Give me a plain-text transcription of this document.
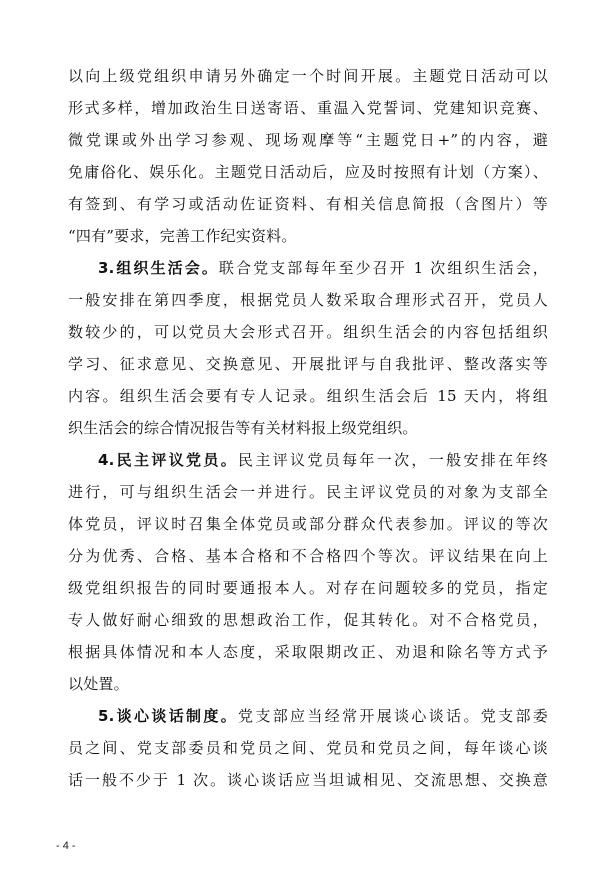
以向上级党组织申请另外确定一个时间开展。主题党日活动可以
形式多样，增加政治生日送寄语、重温入党誓词、党建知识竞赛、
微党课或外出学习参观、现场观摩等“主题党日+”的内容，避
免庸俗化、娱乐化。主题党日活动后，应及时按照有计划（方案）、
有签到、有学习或活动佐证资料、有相关信息简报（含图片）等
“四有”要求，完善工作纪实资料。
3.组织生活会。联合党支部每年至少召开 1 次组织生活会，
一般安排在第四季度，根据党员人数采取合理形式召开，党员人
数较少的，可以党员大会形式召开。组织生活会的内容包括组织
学习、征求意见、交换意见、开展批评与自我批评、整改落实等
内容。组织生活会要有专人记录。组织生活会后 15 天内，将组
织生活会的综合情况报告等有关材料报上级党组织。
4.民主评议党员。民主评议党员每年一次，一般安排在年终
进行，可与组织生活会一并进行。民主评议党员的对象为支部全
体党员，评议时召集全体党员或部分群众代表参加。评议的等次
分为优秀、合格、基本合格和不合格四个等次。评议结果在向上
级党组织报告的同时要通报本人。对存在问题较多的党员，指定
专人做好耐心细致的思想政治工作，促其转化。对不合格党员，
根据具体情况和本人态度，采取限期改正、劝退和除名等方式予
以处置。
5.谈心谈话制度。党支部应当经常开展谈心谈话。党支部委
员之间、党支部委员和党员之间、党员和党员之间，每年谈心谈
话一般不少于 1 次。谈心谈话应当坦诚相见、交流思想、交换意
- 4 -
